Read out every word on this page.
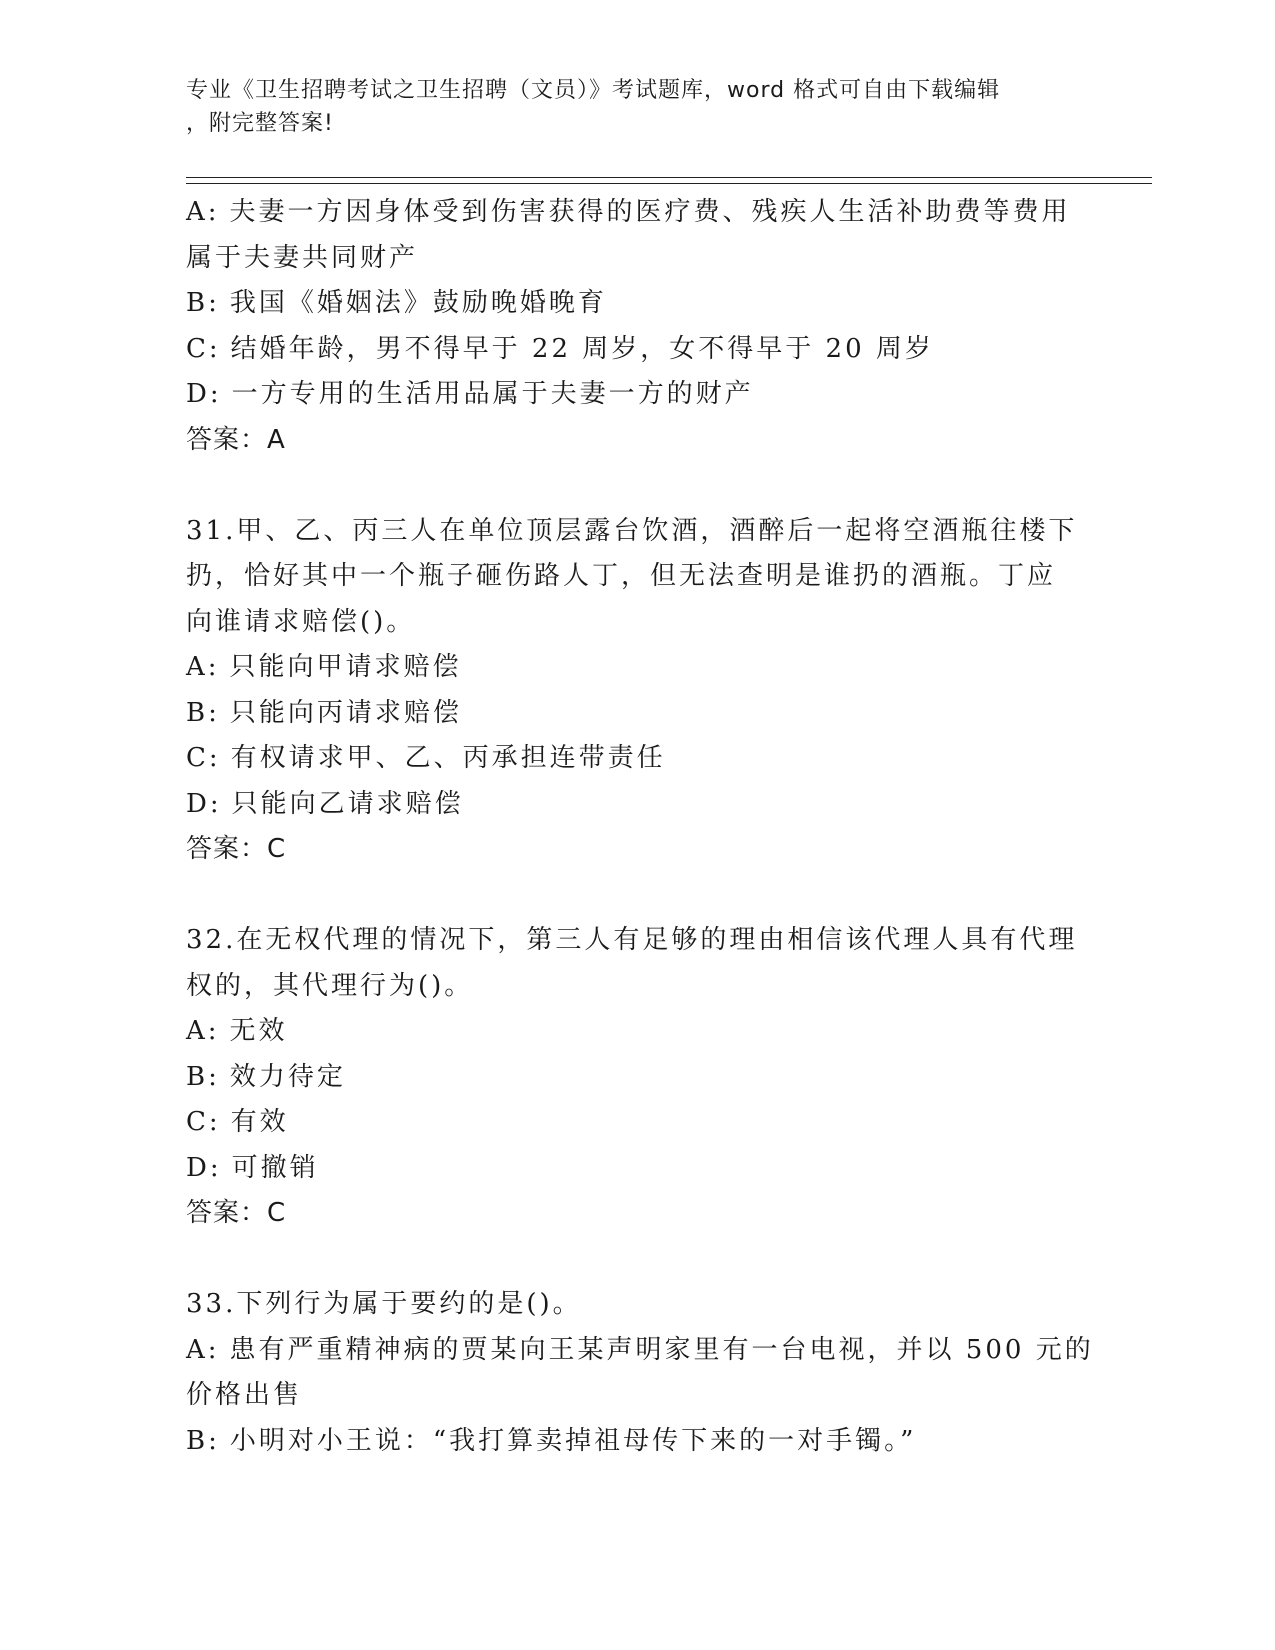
专业《卫生招聘考试之卫生招聘（文员）》考试题库，word 格式可自由下载编辑
，附完整答案!
A: 夫妻一方因身体受到伤害获得的医疗费、残疾人生活补助费等费用
属于夫妻共同财产
B: 我国《婚姻法》鼓励晚婚晚育
C: 结婚年龄，男不得早于 22 周岁，女不得早于 20 周岁
D: 一方专用的生活用品属于夫妻一方的财产
答案：A
31.甲、乙、丙三人在单位顶层露台饮酒，酒醉后一起将空酒瓶往楼下
扔，恰好其中一个瓶子砸伤路人丁，但无法查明是谁扔的酒瓶。丁应
向谁请求赔偿()。
A: 只能向甲请求赔偿
B: 只能向丙请求赔偿
C: 有权请求甲、乙、丙承担连带责任
D: 只能向乙请求赔偿
答案：C
32.在无权代理的情况下，第三人有足够的理由相信该代理人具有代理
权的，其代理行为()。
A: 无效
B: 效力待定
C: 有效
D: 可撤销
答案：C
33.下列行为属于要约的是()。
A: 患有严重精神病的贾某向王某声明家里有一台电视，并以 500 元的
价格出售
B: 小明对小王说：“我打算卖掉祖母传下来的一对手镯。”
